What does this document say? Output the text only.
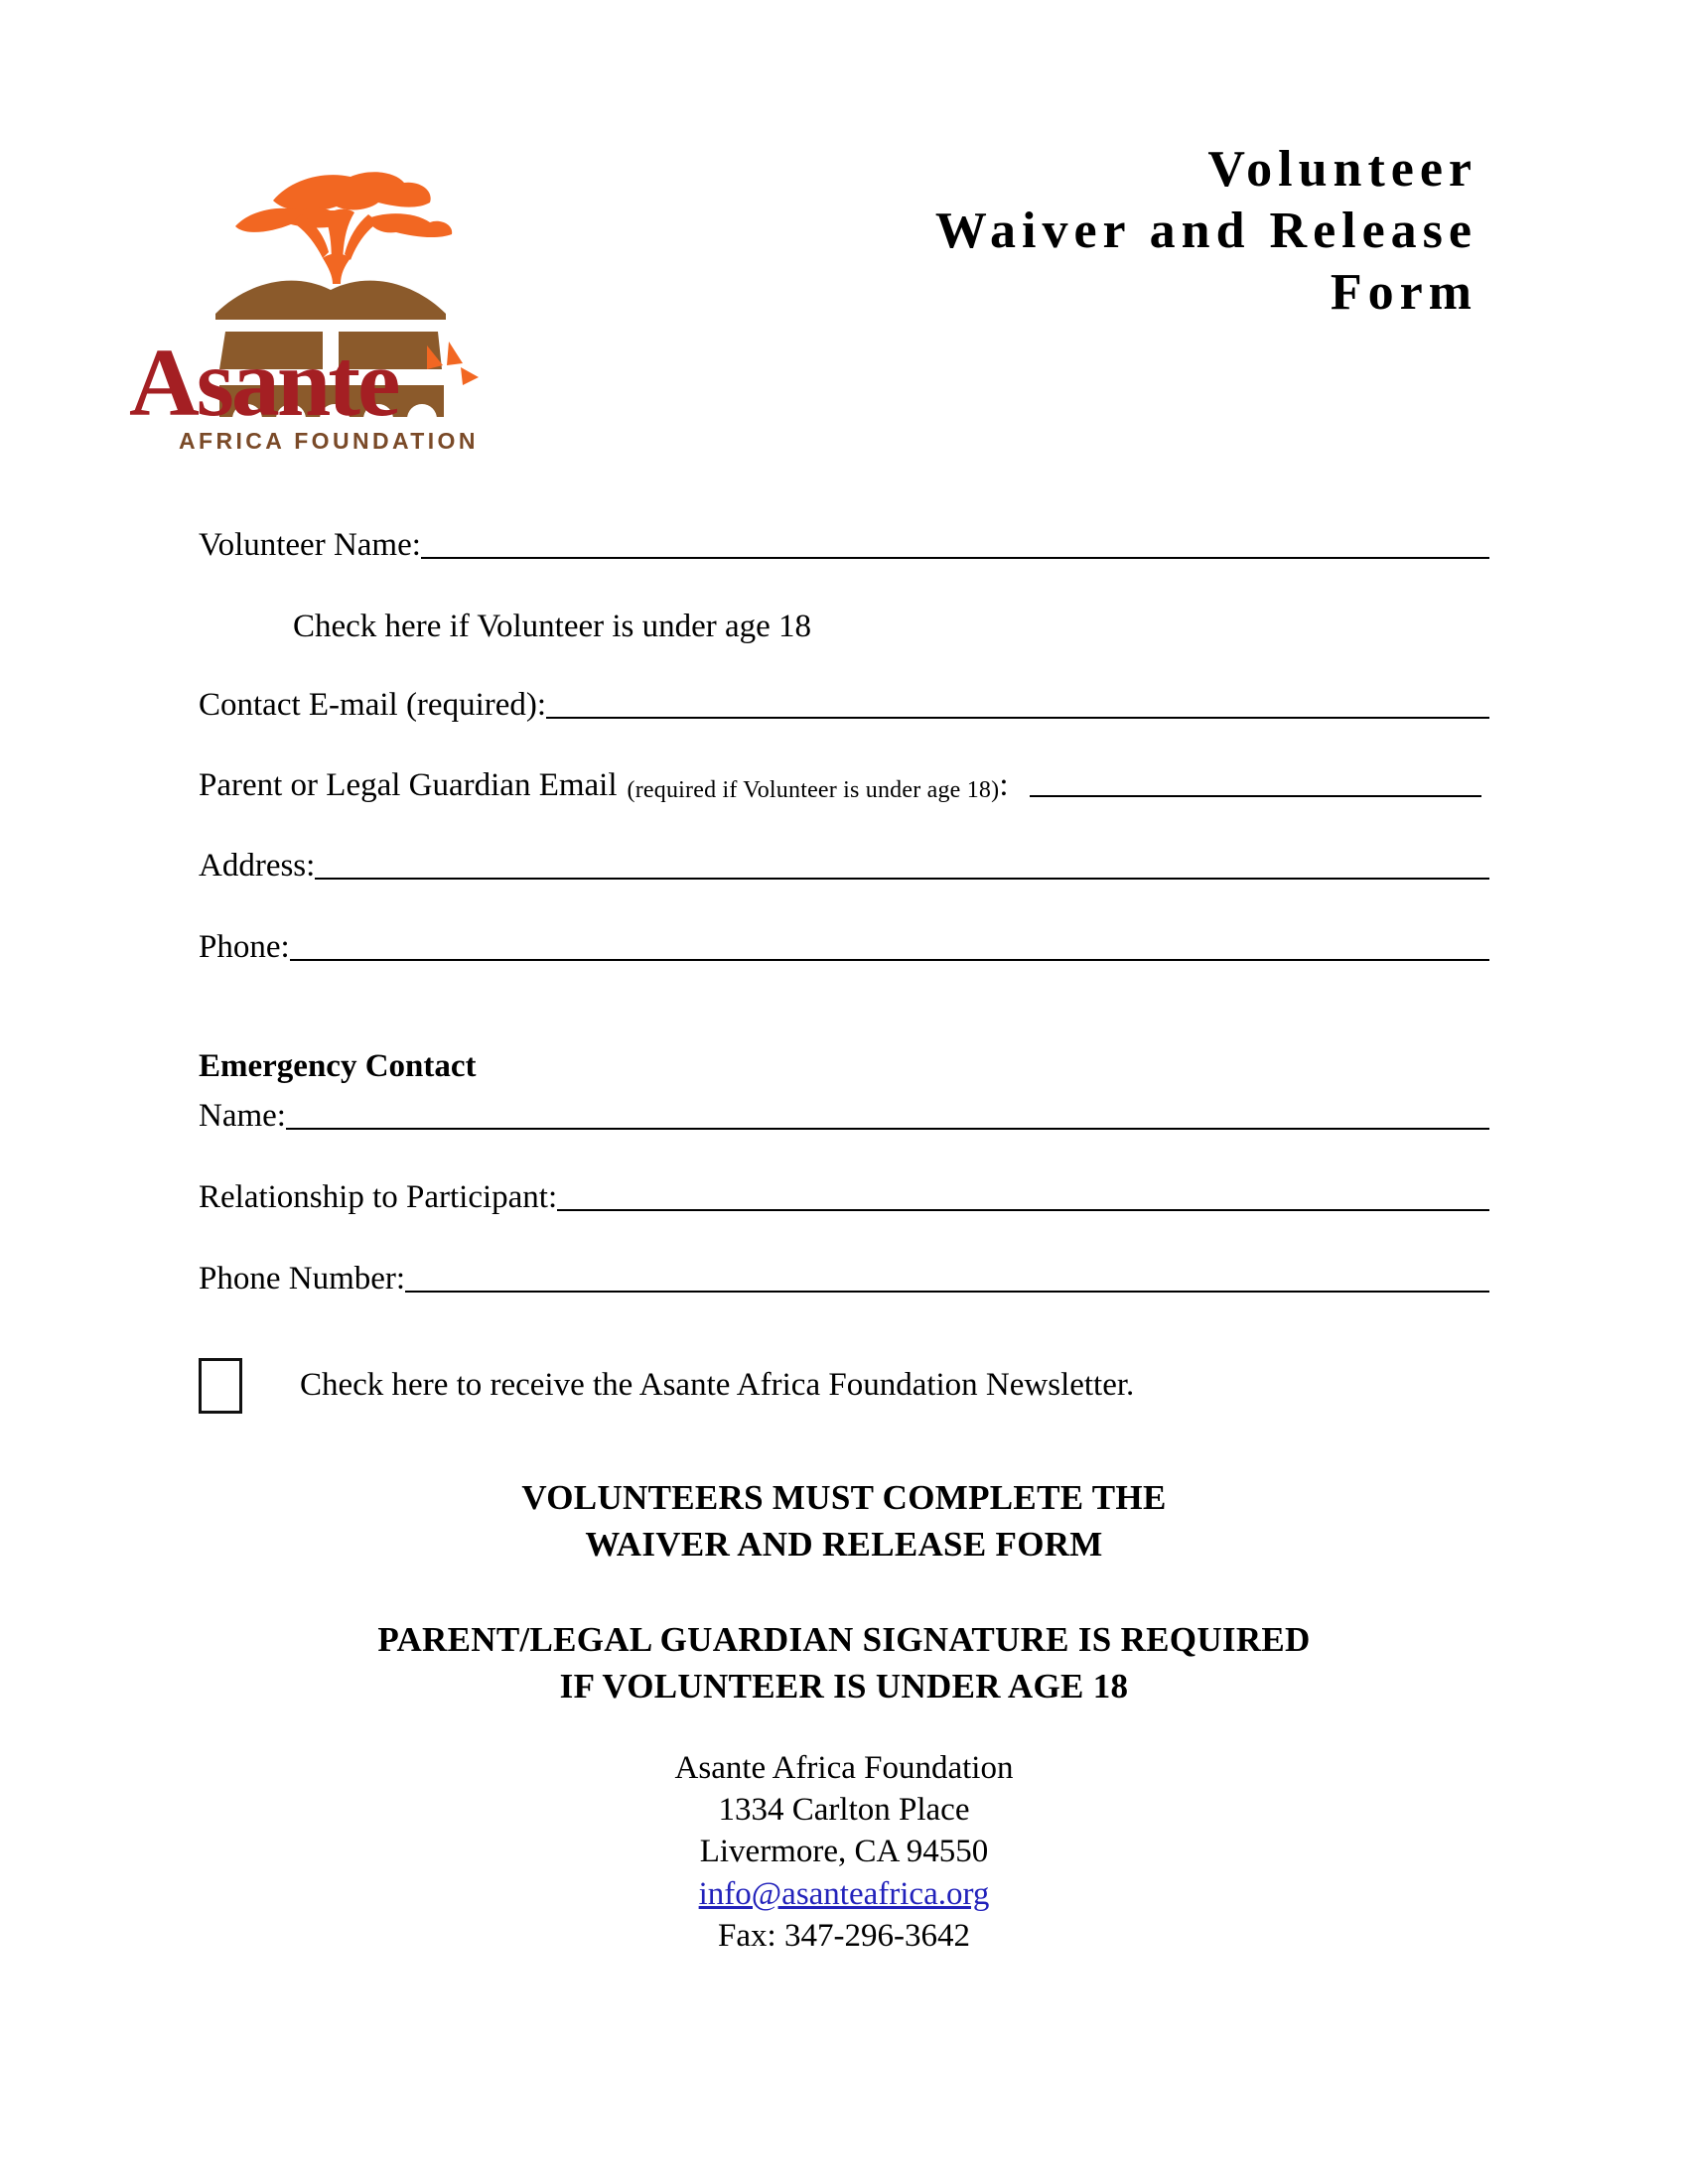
Asante
AFRICA FOUNDATION
Volunteer
Waiver and Release
Form
Volunteer Name:
Check here if Volunteer is under age 18
Contact E-mail (required):
Parent or Legal Guardian Email (required if Volunteer is under age 18) :
Address:
Phone:
Emergency Contact
Name:
Relationship to Participant:
Phone Number:
Check here to receive the Asante Africa Foundation Newsletter.
VOLUNTEERS MUST COMPLETE THE
WAIVER AND RELEASE FORM
PARENT/LEGAL GUARDIAN SIGNATURE IS REQUIRED
IF VOLUNTEER IS UNDER AGE 18
Asante Africa Foundation
1334 Carlton Place
Livermore, CA 94550
info@asanteafrica.org
Fax: 347-296-3642
